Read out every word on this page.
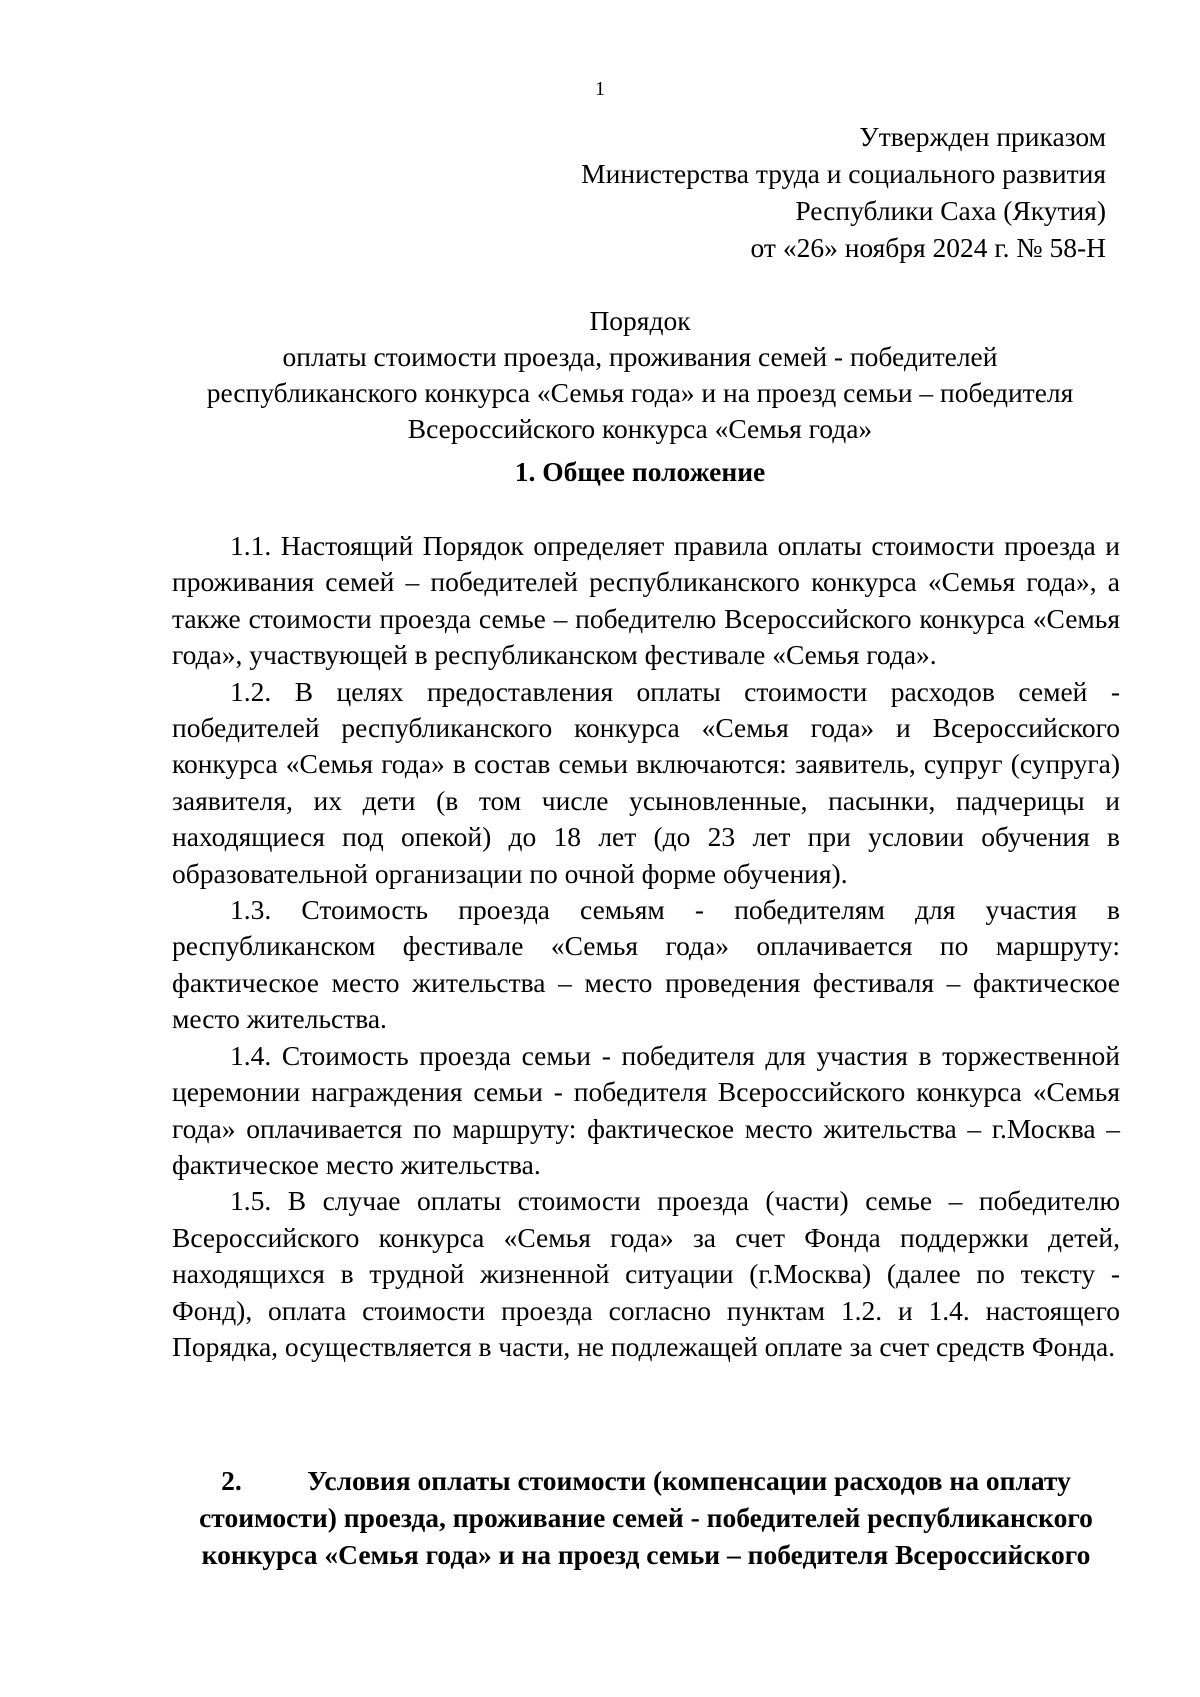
1
Утвержден приказом
Министерства труда и социального развития
Республики Саха (Якутия)
от «26» ноября 2024 г. № 58-Н
Порядок
оплаты стоимости проезда, проживания семей - победителей
республиканского конкурса «Семья года» и на проезд семьи – победителя
Всероссийского конкурса «Семья года»
1. Общее положение

1.1. Настоящий Порядок определяет правила оплаты стоимости проезда и проживания семей – победителей республиканского конкурса «Семья года», а также стоимости проезда семье – победителю Всероссийского конкурса «Семья года», участвующей в республиканском фестивале «Семья года».

1.2. В целях предоставления оплаты стоимости расходов семей - победителей республиканского конкурса «Семья года» и Всероссийского конкурса «Семья года» в состав семьи включаются: заявитель, супруг (супруга) заявителя, их дети (в том числе усыновленные, пасынки, падчерицы и находящиеся под опекой) до 18 лет (до 23 лет при условии обучения в образовательной организации по очной форме обучения).

1.3. Стоимость проезда семьям - победителям для участия в республиканском фестивале «Семья года» оплачивается по маршруту: фактическое место жительства – место проведения фестиваля – фактическое место жительства.

1.4. Стоимость проезда семьи - победителя для участия в торжественной церемонии награждения семьи - победителя Всероссийского конкурса «Семья года» оплачивается по маршруту: фактическое место жительства – г.Москва – фактическое место жительства.

1.5. В случае оплаты стоимости проезда (части) семье – победителю Всероссийского конкурса «Семья года» за счет Фонда поддержки детей, находящихся в трудной жизненной ситуации (г.Москва) (далее по тексту - Фонд), оплата стоимости проезда согласно пунктам 1.2. и 1.4. настоящего Порядка, осуществляется в части, не подлежащей оплате за счет средств Фонда.

2. Условия оплаты стоимости (компенсации расходов на оплату стоимости) проезда, проживание семей - победителей республиканского конкурса «Семья года» и на проезд семьи – победителя Всероссийского
